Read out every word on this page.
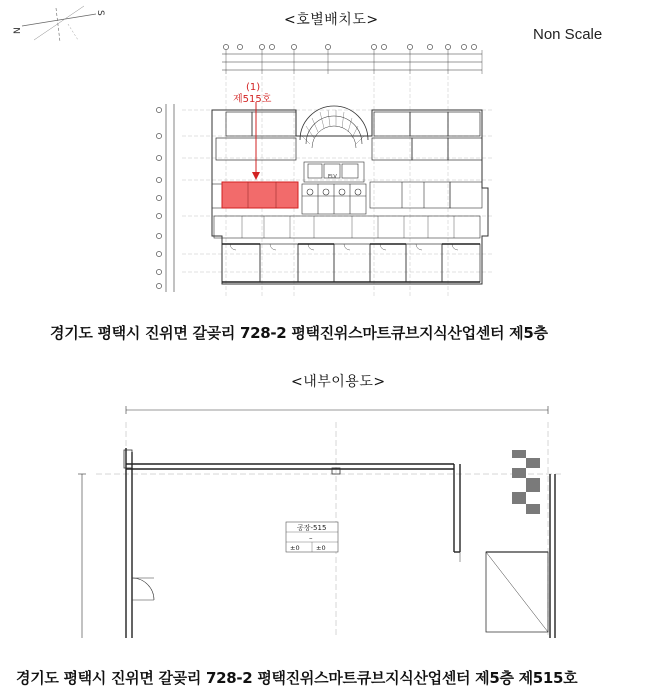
N
S	<호별배치도>
Non Scale
(1)
제515호
ELV
경기도 평택시 진위면 갈곶리 728-2 평택진위스마트큐브지식산업센터 제5층
<내부이용도>
공장-515
–
±0	±0
경기도 평택시 진위면 갈곶리 728-2 평택진위스마트큐브지식산업센터 제5층 제515호
